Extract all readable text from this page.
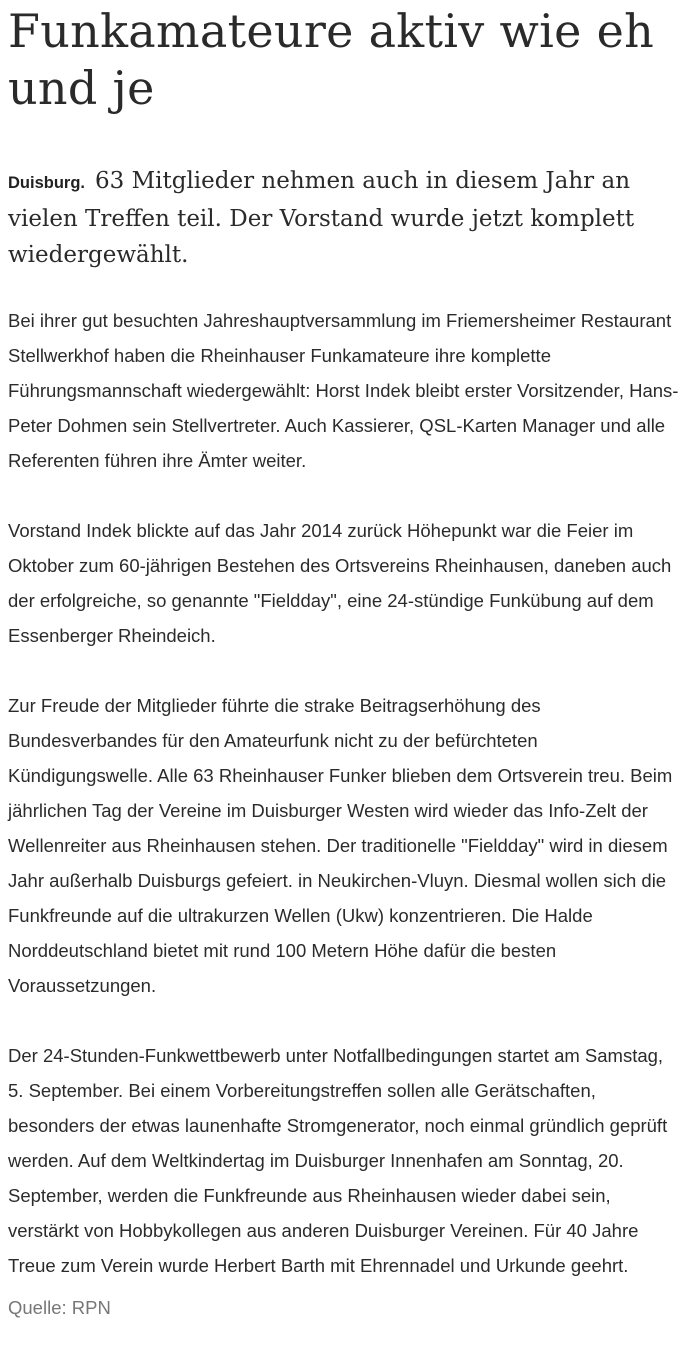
Funkamateure aktiv wie eh und je

Duisburg. 63 Mitglieder nehmen auch in diesem Jahr an vielen Treffen teil. Der Vorstand wurde jetzt komplett wiedergewählt.

Bei ihrer gut besuchten Jahreshauptversammlung im Friemersheimer Restaurant Stellwerkhof haben die Rheinhauser Funkamateure ihre komplette Führungsmannschaft wiedergewählt: Horst Indek bleibt erster Vorsitzender, Hans-Peter Dohmen sein Stellvertreter. Auch Kassierer, QSL-Karten Manager und alle Referenten führen ihre Ämter weiter.

Vorstand Indek blickte auf das Jahr 2014 zurück Höhepunkt war die Feier im Oktober zum 60-jährigen Bestehen des Ortsvereins Rheinhausen, daneben auch der erfolgreiche, so genannte "Fieldday", eine 24-stündige Funkübung auf dem Essenberger Rheindeich.

Zur Freude der Mitglieder führte die strake Beitragserhöhung des Bundesverbandes für den Amateurfunk nicht zu der befürchteten Kündigungswelle. Alle 63 Rheinhauser Funker blieben dem Ortsverein treu. Beim jährlichen Tag der Vereine im Duisburger Westen wird wieder das Info-Zelt der Wellenreiter aus Rheinhausen stehen. Der traditionelle "Fieldday" wird in diesem Jahr außerhalb Duisburgs gefeiert. in Neukirchen-Vluyn. Diesmal wollen sich die Funkfreunde auf die ultrakurzen Wellen (Ukw) konzentrieren. Die Halde Norddeutschland bietet mit rund 100 Metern Höhe dafür die besten Voraussetzungen.

Der 24-Stunden-Funkwettbewerb unter Notfallbedingungen startet am Samstag, 5. September. Bei einem Vorbereitungstreffen sollen alle Gerätschaften, besonders der etwas launenhafte Stromgenerator, noch einmal gründlich geprüft werden. Auf dem Weltkindertag im Duisburger Innenhafen am Sonntag, 20. September, werden die Funkfreunde aus Rheinhausen wieder dabei sein, verstärkt von Hobbykollegen aus anderen Duisburger Vereinen. Für 40 Jahre Treue zum Verein wurde Herbert Barth mit Ehrennadel und Urkunde geehrt.

Quelle: RPN
